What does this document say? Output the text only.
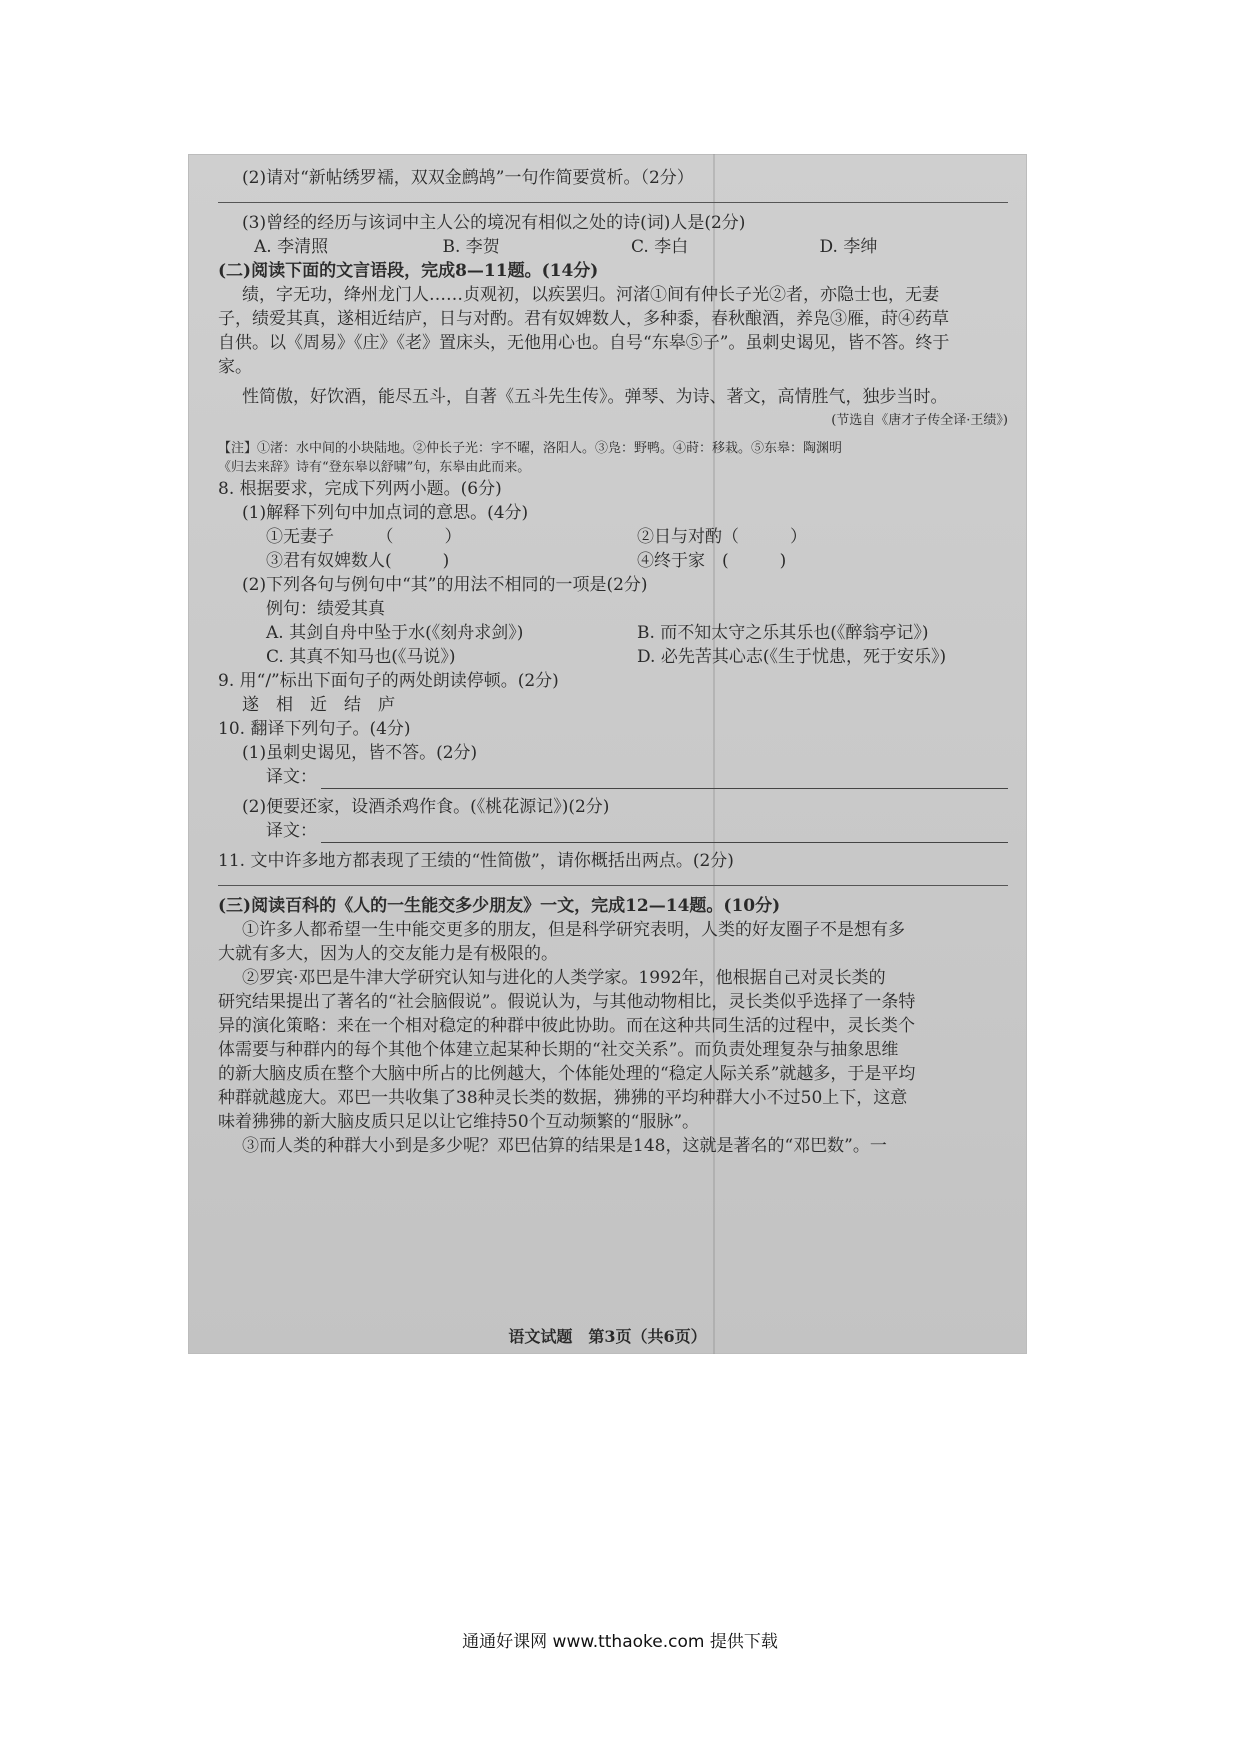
(2)请对“新帖绣罗襦，双双金鹧鸪”一句作简要赏析。（2分）
(3)曾经的经历与该词中主人公的境况有相似之处的诗(词)人是(2分)
A. 李清照	B. 李贺	C. 李白	D. 李绅
(二)阅读下面的文言语段，完成8—11题。(14分)
绩，字无功，绛州龙门人……贞观初，以疾罢归。河渚①间有仲长子光②者，亦隐士也，无妻
子，绩爱其真，遂相近结庐，日与对酌。君有奴婢数人，多种黍，春秋酿酒，养凫③雁，莳④药草
自供。以《周易》《庄》《老》置床头，无他用心也。自号“东皋⑤子”。虽刺史谒见，皆不答。终于
家。
性简傲，好饮酒，能尽五斗，自著《五斗先生传》。弹琴、为诗、著文，高情胜气，独步当时。
(节选自《唐才子传全译·王绩》)
【注】①渚：水中间的小块陆地。②仲长子光：字不曜，洛阳人。③凫：野鸭。④莳：移栽。⑤东皋：陶渊明
《归去来辞》诗有“登东皋以舒啸”句，东皋由此而来。
8. 根据要求，完成下列两小题。(6分)
(1)解释下列句中加点词的意思。(4分)
①无妻子　　　（　　　）	②日与对酌（　　　）
③君有奴婢数人(　　　)	④终于家　(　　　)
(2)下列各句与例句中“其”的用法不相同的一项是(2分)
例句：绩爱其真
A. 其剑自舟中坠于水(《刻舟求剑》)	B. 而不知太守之乐其乐也(《醉翁亭记》)
C. 其真不知马也(《马说》)	D. 必先苦其心志(《生于忧患，死于安乐》)
9. 用“/”标出下面句子的两处朗读停顿。(2分)
遂　相　近　结　庐
10. 翻译下列句子。(4分)
(1)虽刺史谒见，皆不答。(2分)
译文：
(2)便要还家，设酒杀鸡作食。(《桃花源记》)(2分)
译文：
11. 文中许多地方都表现了王绩的“性简傲”，请你概括出两点。(2分)
(三)阅读百科的《人的一生能交多少朋友》一文，完成12—14题。(10分)
①许多人都希望一生中能交更多的朋友，但是科学研究表明，人类的好友圈子不是想有多
大就有多大，因为人的交友能力是有极限的。
②罗宾·邓巴是牛津大学研究认知与进化的人类学家。1992年，他根据自己对灵长类的
研究结果提出了著名的“社会脑假说”。假说认为，与其他动物相比，灵长类似乎选择了一条特
异的演化策略：来在一个相对稳定的种群中彼此协助。而在这种共同生活的过程中，灵长类个
体需要与种群内的每个其他个体建立起某种长期的“社交关系”。而负责处理复杂与抽象思维
的新大脑皮质在整个大脑中所占的比例越大，个体能处理的“稳定人际关系”就越多，于是平均
种群就越庞大。邓巴一共收集了38种灵长类的数据，狒狒的平均种群大小不过50上下，这意
味着狒狒的新大脑皮质只足以让它维持50个互动频繁的“服脉”。
③而人类的种群大小到是多少呢？邓巴估算的结果是148，这就是著名的“邓巴数”。一
语文试题　第3页（共6页）
通通好课网 www.tthaoke.com 提供下载
